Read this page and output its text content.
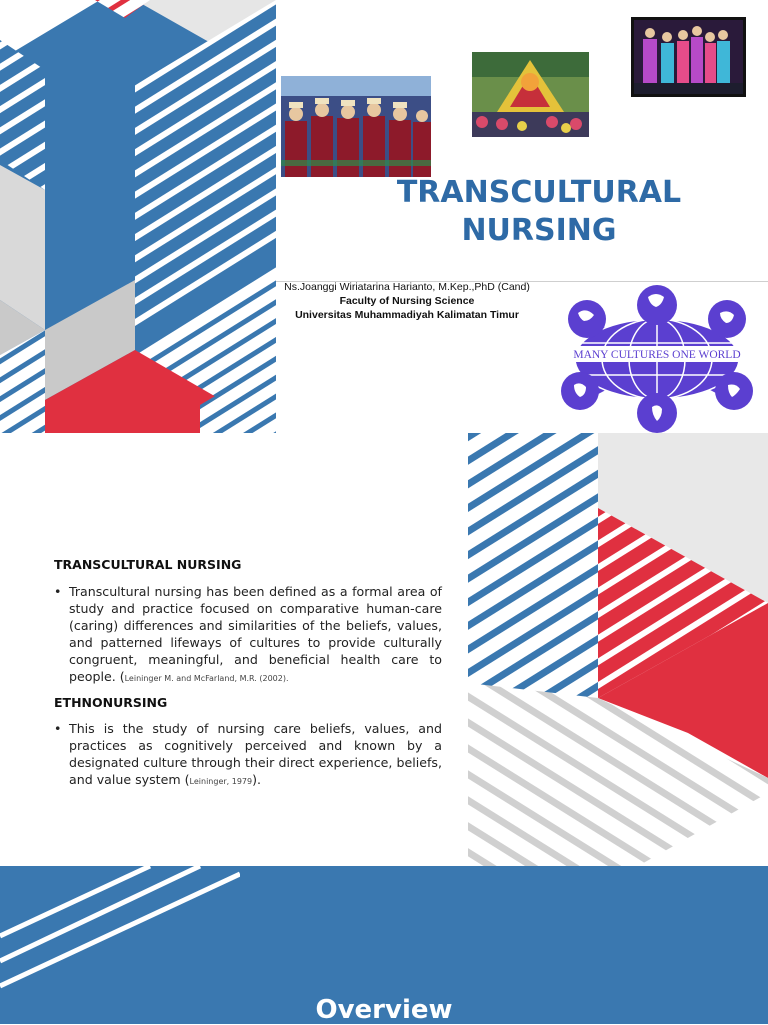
TRANSCULTURAL
NURSING
Ns.Joanggi Wiriatarina Harianto, M.Kep.,PhD (Cand)
Faculty of Nursing Science
Universitas Muhammadiyah Kalimatan Timur
MANY CULTURES ONE WORLD
TRANSCULTURAL NURSING
• Transcultural nursing has been defined as a formal area of study and practice focused on comparative human-care (caring) differences and similarities of the beliefs, values, and patterned lifeways of cultures to provide culturally congruent, meaningful, and beneficial health care to people. (Leininger M. and McFarland, M.R. (2002).
ETHNONURSING
• This is the study of nursing care beliefs, values, and practices as cognitively perceived and known by a designated culture through their direct experience, beliefs, and value system (Leininger, 1979).
Overview
